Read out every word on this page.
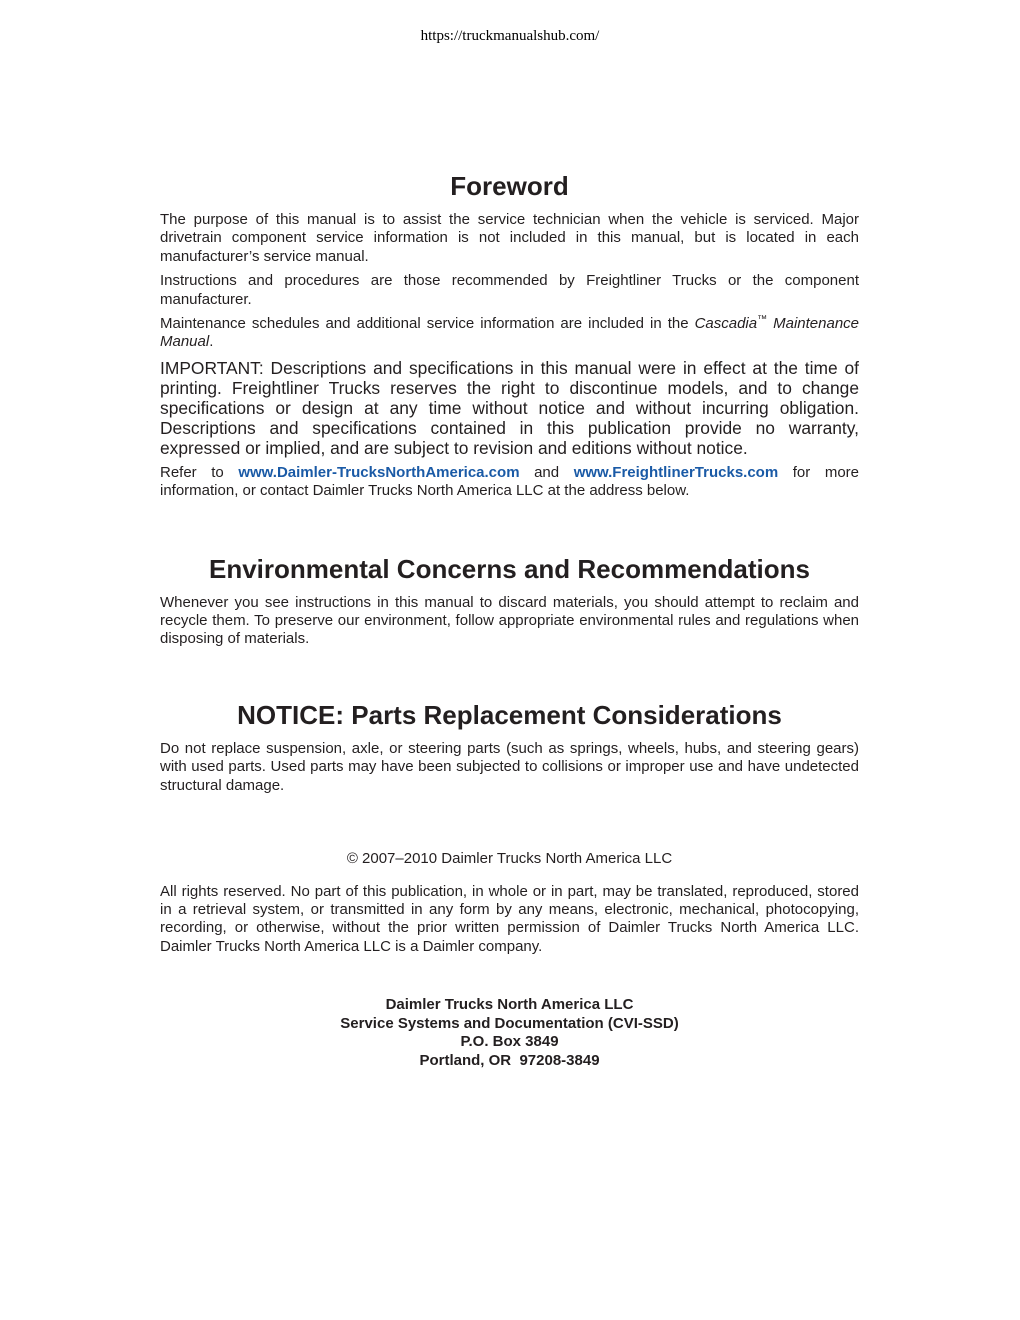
https://truckmanualshub.com/
Foreword

The purpose of this manual is to assist the service technician when the vehicle is serviced. Major drivetrain component service information is not included in this manual, but is located in each manufacturer’s service manual.

Instructions and procedures are those recommended by Freightliner Trucks or the component manufacturer.

Maintenance schedules and additional service information are included in the Cascadia™ Maintenance Manual.

IMPORTANT: Descriptions and specifications in this manual were in effect at the time of printing. Freightliner Trucks reserves the right to discontinue models, and to change specifications or design at any time without notice and without incurring obligation. Descriptions and specifications contained in this publication provide no warranty, expressed or implied, and are subject to revision and editions without notice.

Refer to www.Daimler-TrucksNorthAmerica.com and www.FreightlinerTrucks.com for more information, or contact Daimler Trucks North America LLC at the address below.

Environmental Concerns and Recommendations

Whenever you see instructions in this manual to discard materials, you should attempt to reclaim and recycle them. To preserve our environment, follow appropriate environmental rules and regulations when disposing of materials.

NOTICE: Parts Replacement Considerations

Do not replace suspension, axle, or steering parts (such as springs, wheels, hubs, and steering gears) with used parts. Used parts may have been subjected to collisions or improper use and have undetected structural damage.

© 2007–2010 Daimler Trucks North America LLC

All rights reserved. No part of this publication, in whole or in part, may be translated, reproduced, stored in a retrieval system, or transmitted in any form by any means, electronic, mechanical, photocopying, recording, or otherwise, without the prior written permission of Daimler Trucks North America LLC. Daimler Trucks North America LLC is a Daimler company.

Daimler Trucks North America LLC
Service Systems and Documentation (CVI-SSD)
P.O. Box 3849
Portland, OR  97208-3849
